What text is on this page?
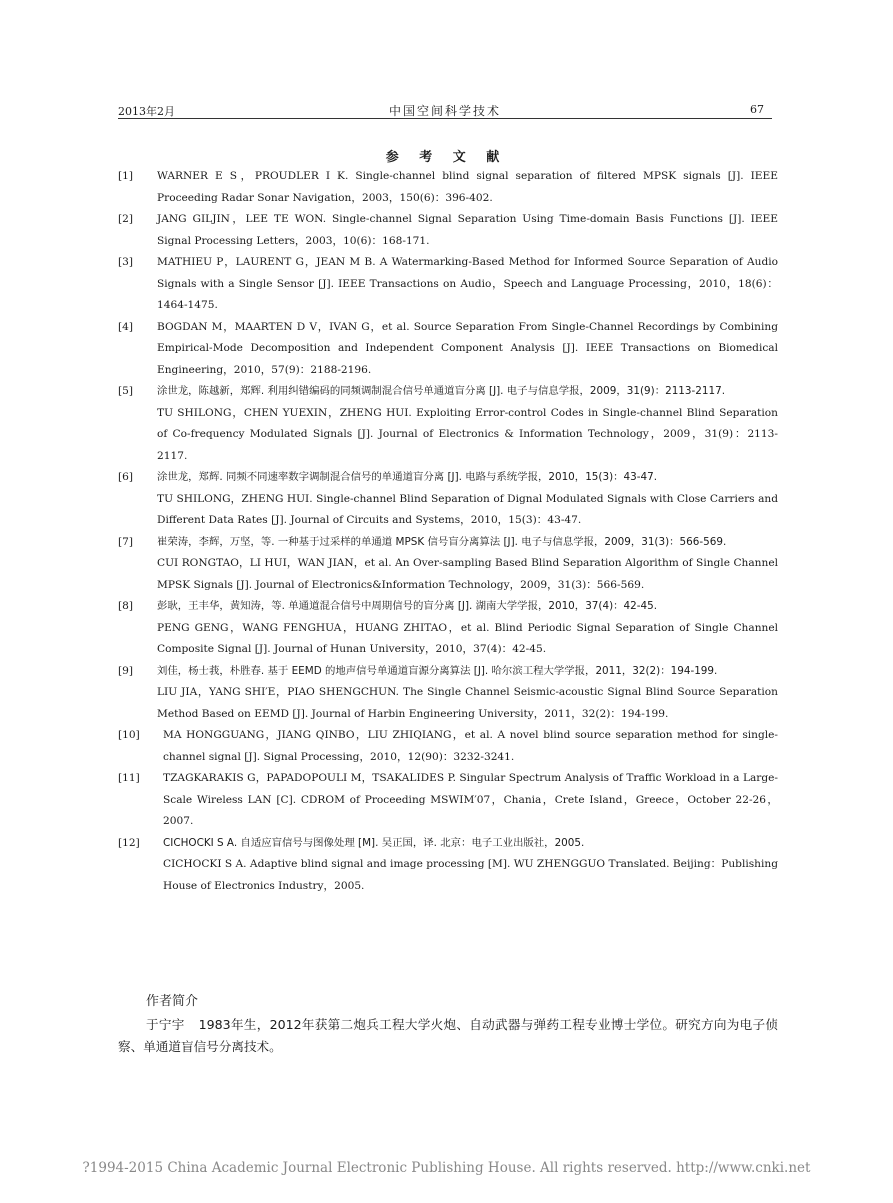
2013年2月	中国空间科学技术	67
参 考 文 献
[1] WARNER E S，PROUDLER I K. Single-channel blind signal separation of filtered MPSK signals [J]. IEEE Proceeding Radar Sonar Navigation，2003，150(6)：396-402.

[2] JANG GILJIN，LEE TE WON. Single-channel Signal Separation Using Time-domain Basis Functions [J]. IEEE Signal Processing Letters，2003，10(6)：168-171.

[3] MATHIEU P，LAURENT G，JEAN M B. A Watermarking-Based Method for Informed Source Separation of Audio Signals with a Single Sensor [J]. IEEE Transactions on Audio，Speech and Language Processing，2010，18(6)：1464-1475.

[4] BOGDAN M，MAARTEN D V，IVAN G，et al. Source Separation From Single-Channel Recordings by Combining Empirical-Mode Decomposition and Independent Component Analysis [J]. IEEE Transactions on Biomedical Engineering，2010，57(9)：2188-2196.

[5] 涂世龙，陈越新，郑辉. 利用纠错编码的同频调制混合信号单通道盲分离 [J]. 电子与信息学报，2009，31(9)：2113-2117.

TU SHILONG，CHEN YUEXIN，ZHENG HUI. Exploiting Error-control Codes in Single-channel Blind Separation of Co-frequency Modulated Signals [J]. Journal of Electronics & Information Technology，2009，31(9)：2113-2117.

[6] 涂世龙，郑辉. 同频不同速率数字调制混合信号的单通道盲分离 [J]. 电路与系统学报，2010，15(3)：43-47.

TU SHILONG，ZHENG HUI. Single-channel Blind Separation of Dignal Modulated Signals with Close Carriers and Different Data Rates [J]. Journal of Circuits and Systems，2010，15(3)：43-47.

[7] 崔荣涛，李辉，万坚，等. 一种基于过采样的单通道 MPSK 信号盲分离算法 [J]. 电子与信息学报，2009，31(3)：566-569.

CUI RONGTAO，LI HUI，WAN JIAN，et al. An Over-sampling Based Blind Separation Algorithm of Single Channel MPSK Signals [J]. Journal of Electronics&Information Technology，2009，31(3)：566-569.

[8] 彭耿，王丰华，黄知涛，等. 单通道混合信号中周期信号的盲分离 [J]. 湖南大学学报，2010，37(4)：42-45.

PENG GENG，WANG FENGHUA，HUANG ZHITAO，et al. Blind Periodic Signal Separation of Single Channel Composite Signal [J]. Journal of Hunan University，2010，37(4)：42-45.

[9] 刘佳，杨士莪，朴胜春. 基于 EEMD 的地声信号单通道盲源分离算法 [J]. 哈尔滨工程大学学报，2011，32(2)：194-199.

LIU JIA，YANG SHI′E，PIAO SHENGCHUN. The Single Channel Seismic-acoustic Signal Blind Source Separation Method Based on EEMD [J]. Journal of Harbin Engineering University，2011，32(2)：194-199.

[10] MA HONGGUANG，JIANG QINBO，LIU ZHIQIANG，et al. A novel blind source separation method for single-channel signal [J]. Signal Processing，2010，12(90)：3232-3241.

[11] TZAGKARAKIS G，PAPADOPOULI M，TSAKALIDES P. Singular Spectrum Analysis of Traffic Workload in a Large-Scale Wireless LAN [C]. CDROM of Proceeding MSWIM′07，Chania，Crete Island，Greece，October 22-26，2007.

[12] CICHOCKI S A. 自适应盲信号与图像处理 [M]. 吴正国，译. 北京：电子工业出版社，2005.

CICHOCKI S A. Adaptive blind signal and image processing [M]. WU ZHENGGUO Translated. Beijing：Publishing House of Electronics Industry，2005.

作者简介
于宁宇 1983年生，2012年获第二炮兵工程大学火炮、自动武器与弹药工程专业博士学位。研究方向为电子侦察、单通道盲信号分离技术。
?1994-2015 China Academic Journal Electronic Publishing House. All rights reserved. http://www.cnki.net
